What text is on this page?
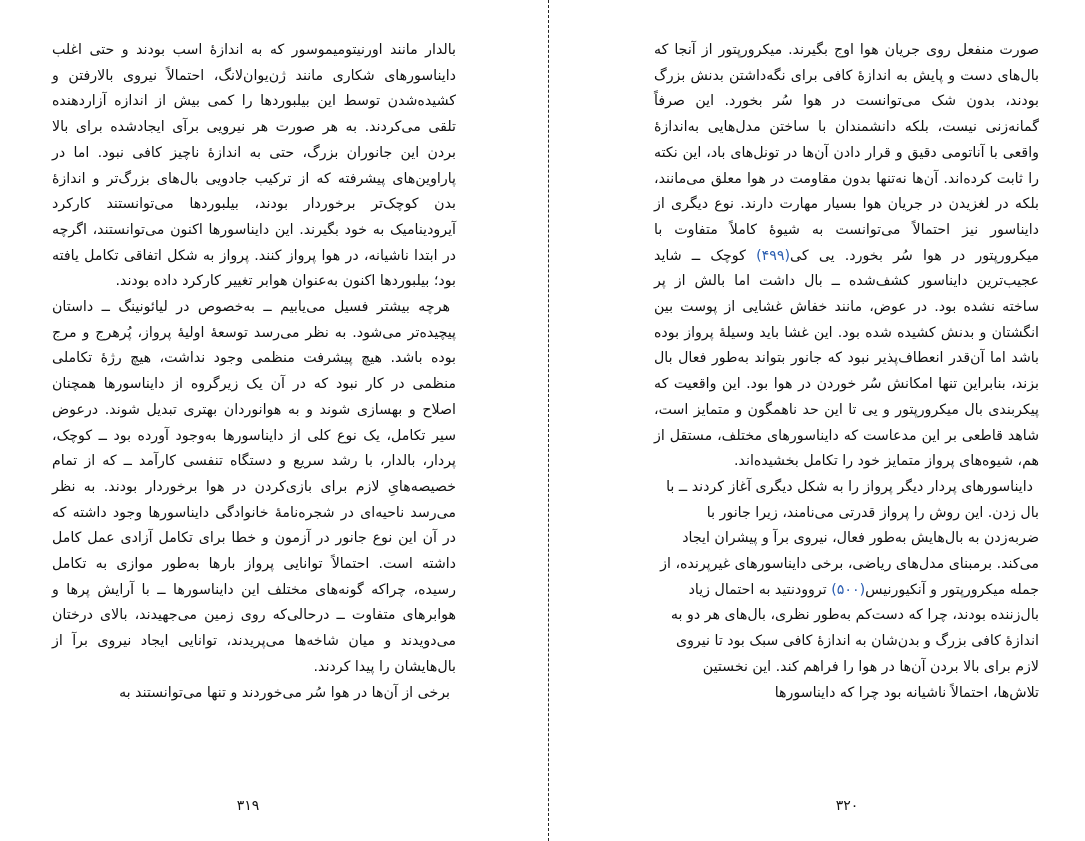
بالدار مانند اورنیتومیموسور که به اندازهٔ اسب بودند و حتی اغلب دایناسورهای شکاری مانند ژن‌یوان‌لانگ، احتمالاً نیروی بالارفتن و کشیده‌شدن توسط این بیلبوردها را کمی بیش از اندازه آزاردهنده تلقی می‌کردند. به هر صورت هر نیرویی برآی ایجادشده برای بالا بردن این جانوران بزرگ، حتی به اندازهٔ ناچیز کافی نبود. اما در پاراوین‌های پیشرفته که از ترکیب جادویی بال‌های بزرگ‌تر و اندازهٔ بدن کوچک‌تر برخوردار بودند، بیلبوردها می‌توانستند کارکرد آیرودینامیک به خود بگیرند. این دایناسورها اکنون می‌توانستند، اگرچه در ابتدا ناشیانه، در هوا پرواز کنند. پرواز به شکل اتفاقی تکامل یافته بود؛ بیلبوردها اکنون به‌عنوان هوابر تغییر کارکرد داده بودند.

هرچه بیشتر فسیل می‌یابیم ــ به‌خصوص در لیائونینگ ــ داستان پیچیده‌تر می‌شود. به نظر می‌رسد توسعهٔ اولیهٔ پرواز، پُرهرج و مرج بوده باشد. هیچ پیشرفت منظمی وجود نداشت، هیچ رژهٔ تکاملی منظمی در کار نبود که در آن یک زیرگروه از دایناسورها همچنان اصلاح و بهسازی شوند و به هوانوردان بهتری تبدیل شوند. درعوض سیر تکامل، یک نوع کلی از دایناسورها به‌وجود آورده بود ــ کوچک، پردار، بالدار، با رشد سریع و دستگاه تنفسی کارآمد ــ که از تمام خصیصه‌هایِ لازم برای بازی‌کردن در هوا برخوردار بودند. به نظر می‌رسد ناحیه‌ای در شجره‌نامهٔ خانوادگی دایناسورها وجود داشته که در آن این نوع جانور در آزمون و خطا برای تکامل آزادی عمل کامل داشته است. احتمالاً توانایی پرواز بارها به‌طور موازی به تکامل رسیده، چراکه گونه‌های مختلف این دایناسورها ــ با آرایش پرها و هوابرهای متفاوت ــ درحالی‌که روی زمین می‌جهیدند، بالای درختان می‌دویدند و میان شاخه‌ها می‌پریدند، توانایی ایجاد نیروی برآ از بال‌هایشان را پیدا کردند.

برخی از آن‌ها در هوا سُر می‌خوردند و تنها می‌توانستند به

۳۱۹

صورت منفعل روی جریان هوا اوج بگیرند. میکرورپتور از آنجا که بال‌های دست و پایش به اندازهٔ کافی برای نگه‌داشتن بدنش بزرگ بودند، بدون شک می‌توانست در هوا سُر بخورد. این صرفاً گمانه‌زنی نیست، بلکه دانشمندان با ساختن مدل‌هایی به‌اندازهٔ واقعی با آناتومی دقیق و قرار دادن آن‌ها در تونل‌های باد، این نکته را ثابت کرده‌اند. آن‌ها نه‌تنها بدون مقاومت در هوا معلق می‌مانند، بلکه در لغزیدن در جریان هوا بسیار مهارت دارند. نوع دیگری از دایناسور نیز احتمالاً می‌توانست به شیوهٔ کاملاً متفاوت با میکرورپتور در هوا سُر بخورد. یی کی(۴۹۹) کوچک ــ شاید عجیب‌ترین دایناسور کشف‌شده ــ بال داشت اما بالش از پر ساخته نشده بود. در عوض، مانند خفاش غشایی از پوست بین انگشتان و بدنش کشیده شده بود. این غشا باید وسیلهٔ پرواز بوده باشد اما آن‌قدر انعطاف‌پذیر نبود که جانور بتواند به‌طور فعال بال بزند، بنابراین تنها امکانش سُر خوردن در هوا بود. این واقعیت که پیکربندی بال میکرورپتور و یی تا این حد ناهمگون و متمایز است، شاهد قاطعی بر این مدعاست که دایناسورهای مختلف، مستقل از هم، شیوه‌های پرواز متمایز خود را تکامل بخشیده‌اند.

دایناسورهای پردار دیگر پرواز را به شکل دیگری آغاز کردند ــ با بال زدن. این روش را پرواز قدرتی می‌نامند، زیرا جانور با ضربه‌زدن به بال‌هایش به‌طور فعال، نیروی برآ و پیشران ایجاد می‌کند. برمبنای مدل‌های ریاضی، برخی دایناسورهای غیرپرنده، از جمله میکرورپتور و آنکیورنیس(۵۰۰) تروودنتید به احتمال زیاد بال‌زننده بودند، چرا که دست‌کم به‌طور نظری، بال‌های هر دو به اندازهٔ کافی بزرگ و بدن‌شان به اندازهٔ کافی سبک بود تا نیروی لازم برای بالا بردن آن‌ها در هوا را فراهم کند. این نخستین تلاش‌ها، احتمالاً ناشیانه بود چرا که دایناسورها

۳۲۰
